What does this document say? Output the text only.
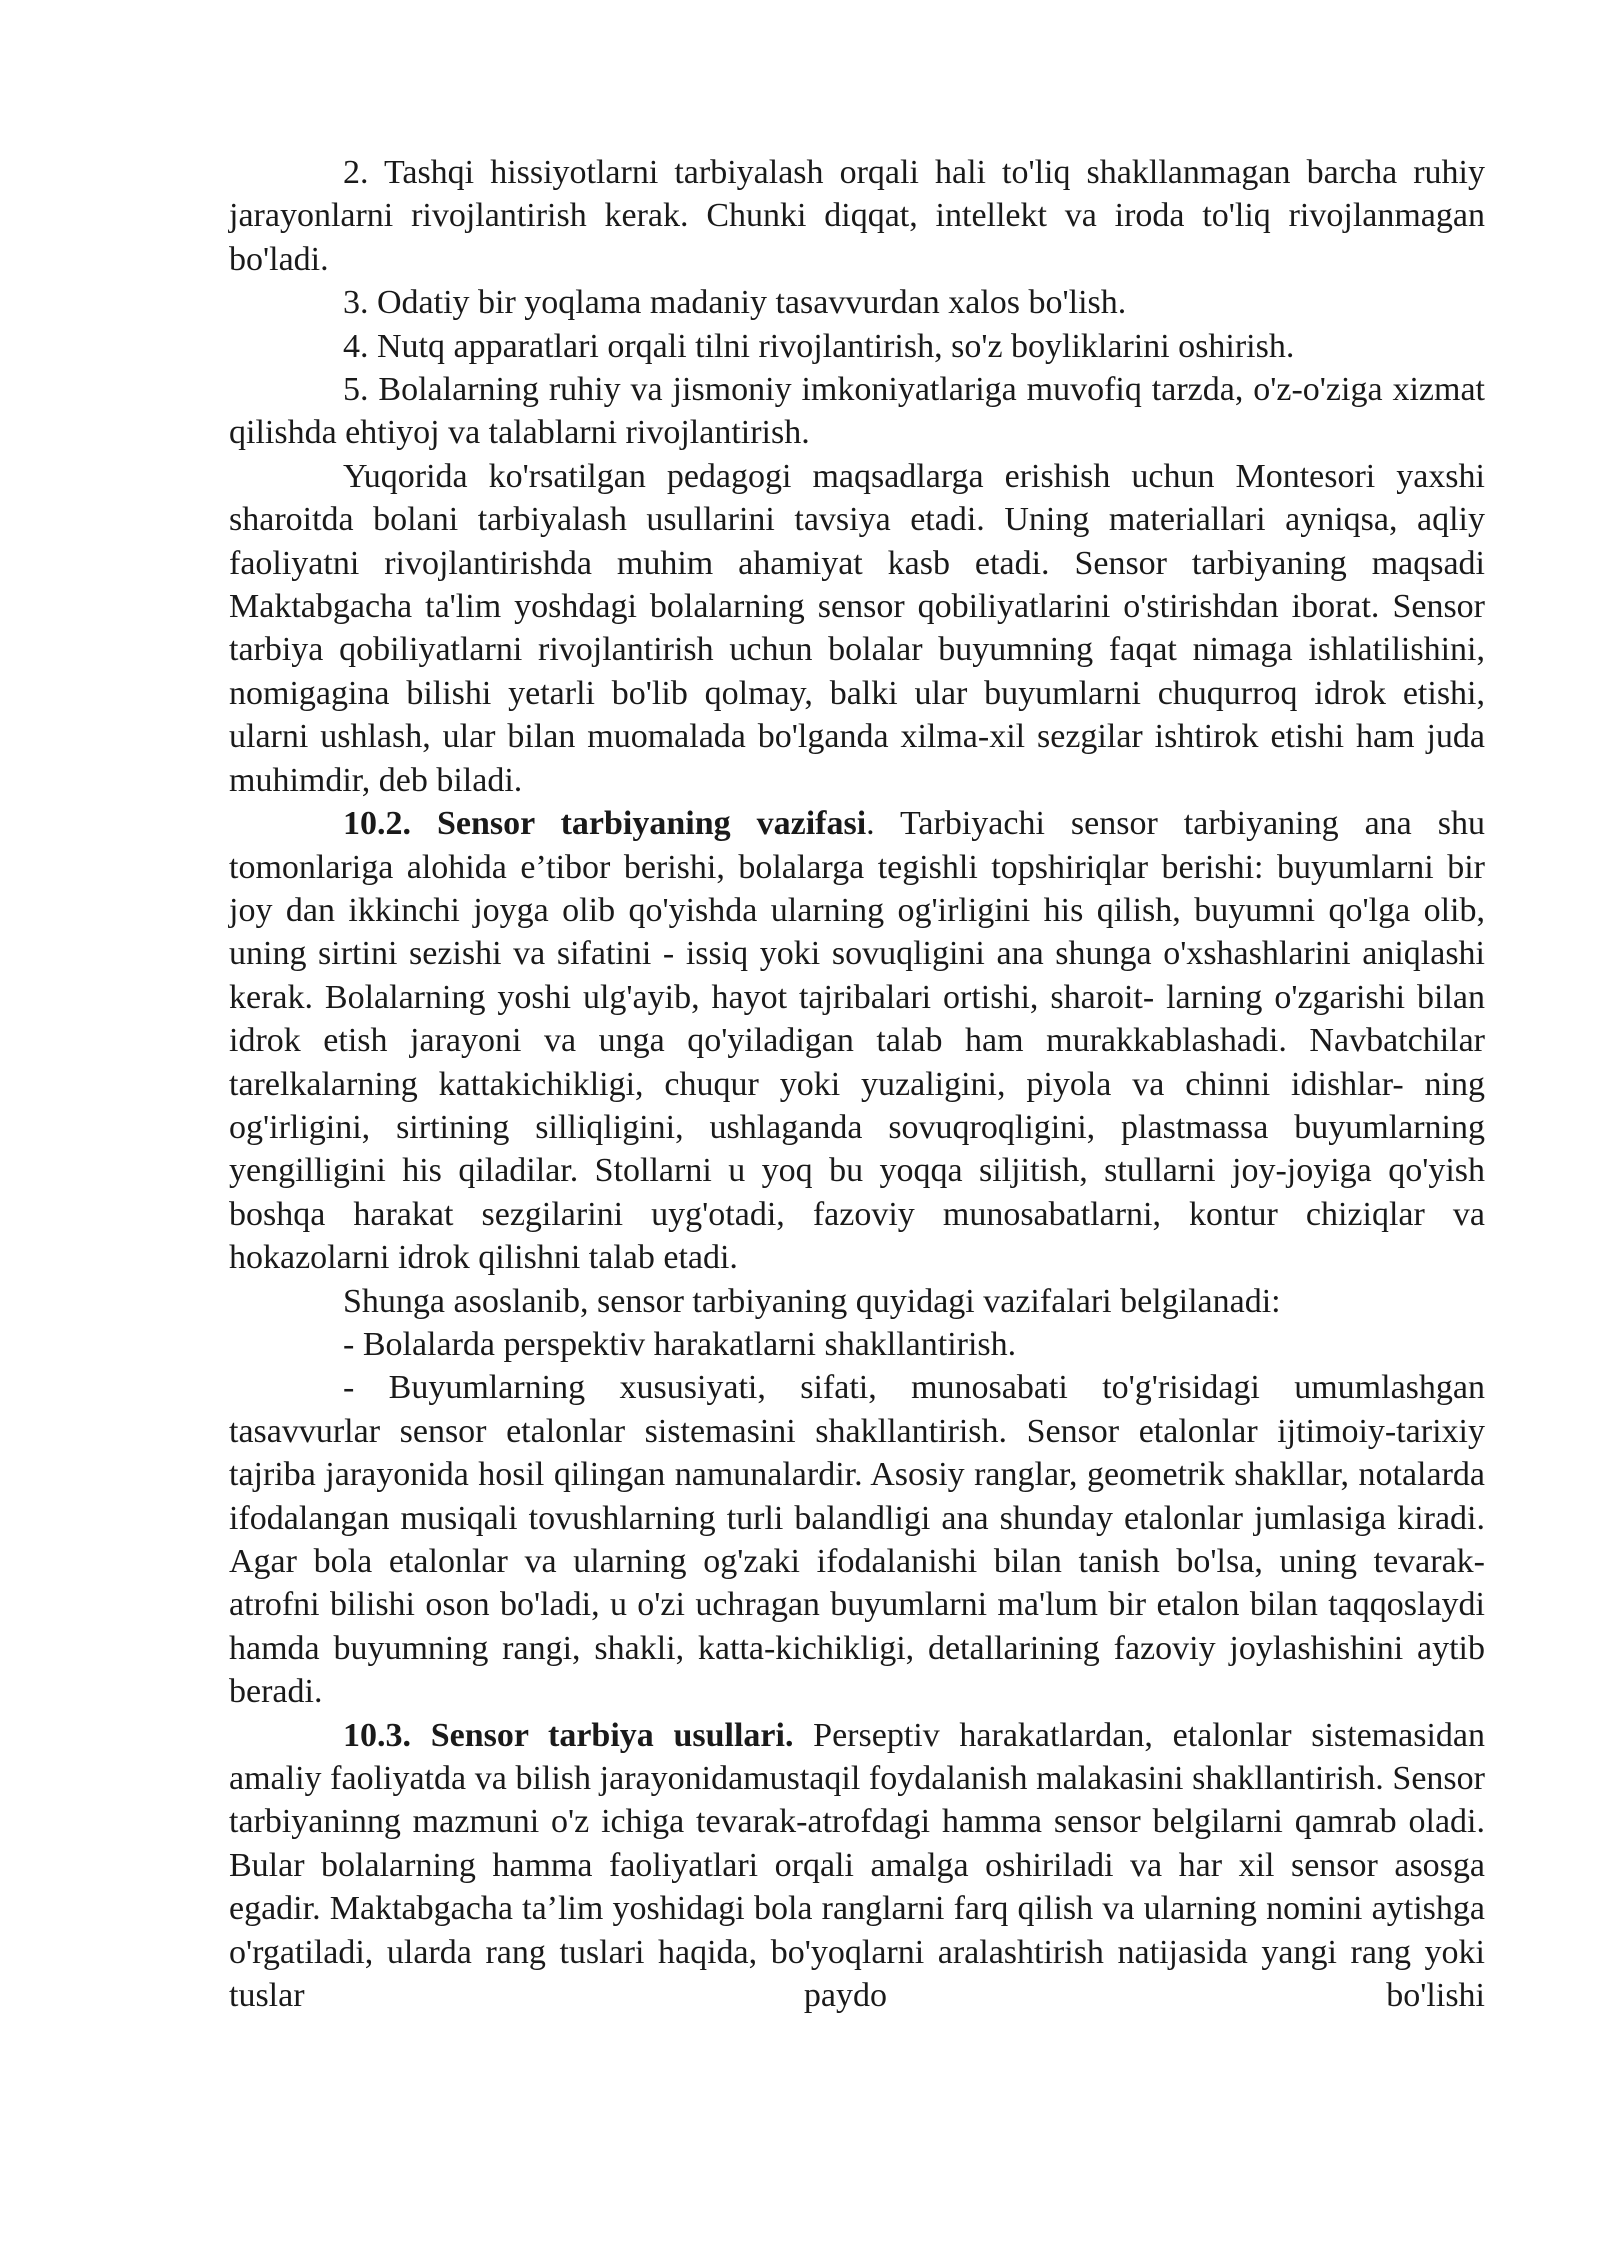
2. Tashqi hissiyotlarni tarbiyalash orqali hali to'liq shakllanmagan barcha ruhiy jarayonlarni rivojlantirish kerak. Chunki diqqat, intellekt va iroda to'liq rivojlanmagan bo'ladi.

3. Odatiy bir yoqlama madaniy tasavvurdan xalos bo'lish.

4. Nutq apparatlari orqali tilni rivojlantirish, so'z boyliklarini oshirish.

5. Bolalarning ruhiy va jismoniy imkoniyatlariga muvofiq tarzda, o'z-o'ziga xizmat qilishda ehtiyoj va talablarni rivojlantirish.

Yuqorida ko'rsatilgan pedagogi maqsadlarga erishish uchun Montesori yaxshi sharoitda bolani tarbiyalash usullarini tavsiya etadi. Uning materiallari ayniqsa, aqliy faoliyatni rivojlantirishda muhim ahamiyat kasb etadi. Sensor tarbiyaning maqsadi Maktabgacha ta'lim yoshdagi bolalarning sensor qobiliyatlarini o'stirishdan iborat. Sensor tarbiya qobiliyatlarni rivojlantirish uchun bolalar buyumning faqat nimaga ishlatilishini, nomigagina bilishi yetarli bo'lib qolmay, balki ular buyumlarni chuqurroq idrok etishi, ularni ushlash, ular bilan muomalada bo'lganda xilma-xil sezgilar ishtirok etishi ham juda muhimdir, deb biladi.

10.2. Sensor tarbiyaning vazifasi. Tarbiyachi sensor tarbiyaning ana shu tomonlariga alohida e’tibor berishi, bolalarga tegishli topshiriqlar berishi: buyumlarni bir joy dan ikkinchi joyga olib qo'yishda ularning og'irligini his qilish, buyumni qo'lga olib, uning sirtini sezishi va sifatini - issiq yoki sovuqligini ana shunga o'xshashlarini aniqlashi kerak. Bolalarning yoshi ulg'ayib, hayot tajribalari ortishi, sharoit- larning o'zgarishi bilan idrok etish jarayoni va unga qo'yiladigan talab ham murakkablashadi. Navbatchilar tarelkalarning kattakichikligi, chuqur yoki yuzaligini, piyola va chinni idishlar- ning og'irligini, sirtining silliqligini, ushlaganda sovuqroqligini, plastmassa buyumlarning yengilligini his qiladilar. Stollarni u yoq bu yoqqa siljitish, stullarni joy-joyiga qo'yish boshqa harakat sezgilarini uyg'otadi, fazoviy munosabatlarni, kontur chiziqlar va hokazolarni idrok qilishni talab etadi.

Shunga asoslanib, sensor tarbiyaning quyidagi vazifalari belgilanadi:

- Bolalarda perspektiv harakatlarni shakllantirish.

- Buyumlarning xususiyati, sifati, munosabati to'g'risidagi umumlashgan tasavvurlar sensor etalonlar sistemasini shakllantirish. Sensor etalonlar ijtimoiy-tarixiy tajriba jarayonida hosil qilingan namunalardir. Asosiy ranglar, geometrik shakllar, notalarda ifodalangan musiqali tovushlarning turli balandligi ana shunday etalonlar jumlasiga kiradi. Agar bola etalonlar va ularning og'zaki ifodalanishi bilan tanish bo'lsa, uning tevarak-atrofni bilishi oson bo'ladi, u o'zi uchragan buyumlarni ma'lum bir etalon bilan taqqoslaydi hamda buyumning rangi, shakli, katta-kichikligi, detallarining fazoviy joylashishini aytib beradi.

10.3. Sensor tarbiya usullari. Perseptiv harakatlardan, etalonlar sistemasidan amaliy faoliyatda va bilish jarayonidamustaqil foydalanish malakasini shakllantirish. Sensor tarbiyaninng mazmuni o'z ichiga tevarak-atrofdagi hamma sensor belgilarni qamrab oladi. Bular bolalarning hamma faoliyatlari orqali amalga oshiriladi va har xil sensor asosga egadir. Maktabgacha ta’lim yoshidagi bola ranglarni farq qilish va ularning nomini aytishga o'rgatiladi, ularda rang tuslari haqida, bo'yoqlarni aralashtirish natijasida yangi rang yoki tuslar paydo bo'lishi
